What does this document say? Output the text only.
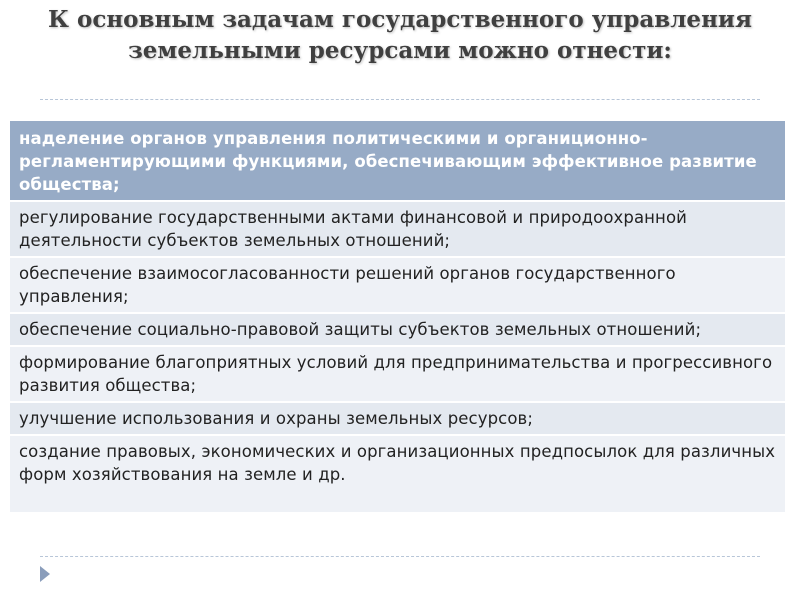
К основным задачам государственного управления земельными ресурсами можно отнести:
наделение органов управления политическими и органиционно-регламентирующими функциями, обеспечивающим эффективное развитие общества;
регулирование государственными актами финансовой и природоохранной деятельности субъектов земельных отношений;
обеспечение взаимосогласованности решений органов государственного управления;
обеспечение социально-правовой защиты субъектов земельных отношений;
формирование благоприятных условий для предпринимательства и прогрессивного развития общества;
улучшение использования и охраны земельных ресурсов;
создание правовых, экономических и организационных предпосылок для различных форм хозяйствования на земле и др.
